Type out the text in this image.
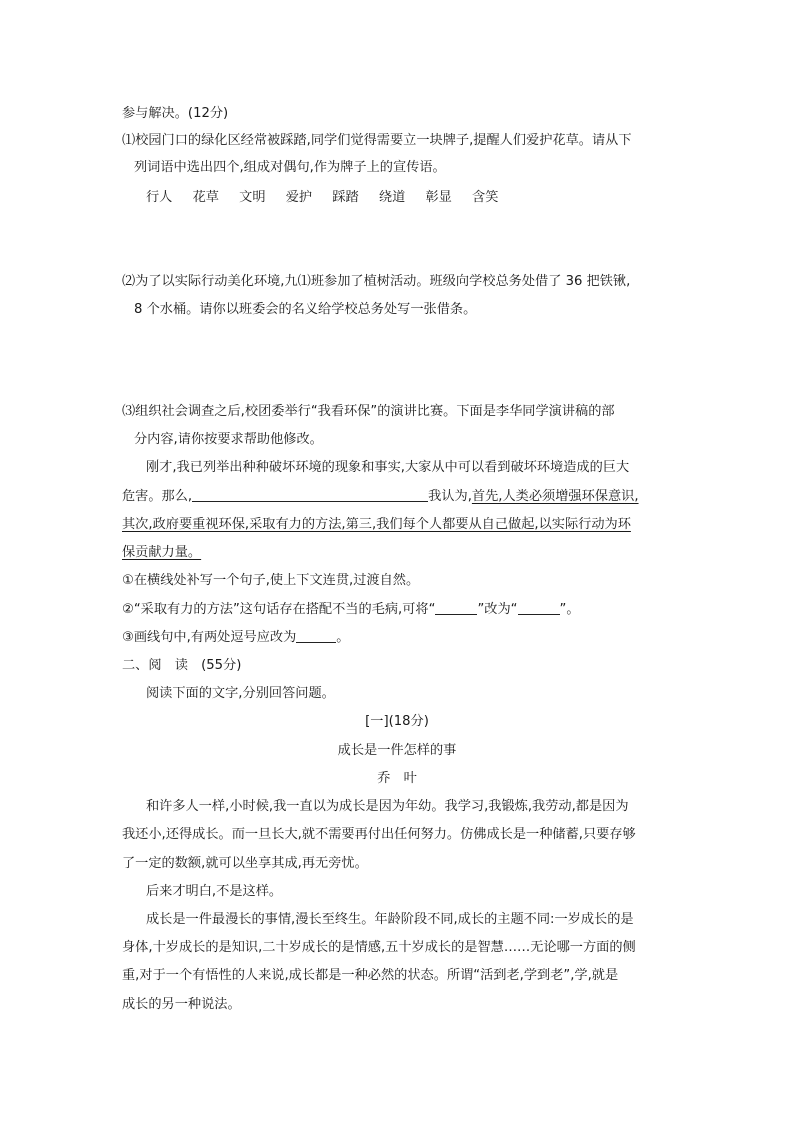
参与解决。(12分)
⑴校园门口的绿化区经常被踩踏,同学们觉得需要立一块牌子,提醒人们爱护花草。请从下
列词语中选出四个,组成对偶句,作为牌子上的宣传语。
行人 花草 文明 爱护 踩踏 绕道 彰显 含笑
⑵为了以实际行动美化环境,九⑴班参加了植树活动。班级向学校总务处借了 36 把铁锹,
8 个水桶。请你以班委会的名义给学校总务处写一张借条。
⑶组织社会调查之后,校团委举行“我看环保”的演讲比赛。下面是李华同学演讲稿的部
分内容,请你按要求帮助他修改。
刚才,我已列举出种种破坏环境的现象和事实,大家从中可以看到破坏环境造成的巨大
危害。那么,	我认为,首先,人类必须增强环保意识,
其次,政府要重视环保,采取有力的方法,第三,我们每个人都要从自己做起,以实际行动为环
保贡献力量。
①在横线处补写一个句子,使上下文连贯,过渡自然。
②“采取有力的方法”这句话存在搭配不当的毛病,可将“	”改为“	”。
③画线句中,有两处逗号应改为	。
二、阅　读　(55分)
阅读下面的文字,分别回答问题。
[一](18分)
成长是一件怎样的事
乔　叶
和许多人一样,小时候,我一直以为成长是因为年幼。我学习,我锻炼,我劳动,都是因为
我还小,还得成长。而一旦长大,就不需要再付出任何努力。仿佛成长是一种储蓄,只要存够
了一定的数额,就可以坐享其成,再无旁忧。
后来才明白,不是这样。
成长是一件最漫长的事情,漫长至终生。年龄阶段不同,成长的主题不同:一岁成长的是
身体,十岁成长的是知识,二十岁成长的是情感,五十岁成长的是智慧……无论哪一方面的侧
重,对于一个有悟性的人来说,成长都是一种必然的状态。所谓“活到老,学到老”,学,就是
成长的另一种说法。
